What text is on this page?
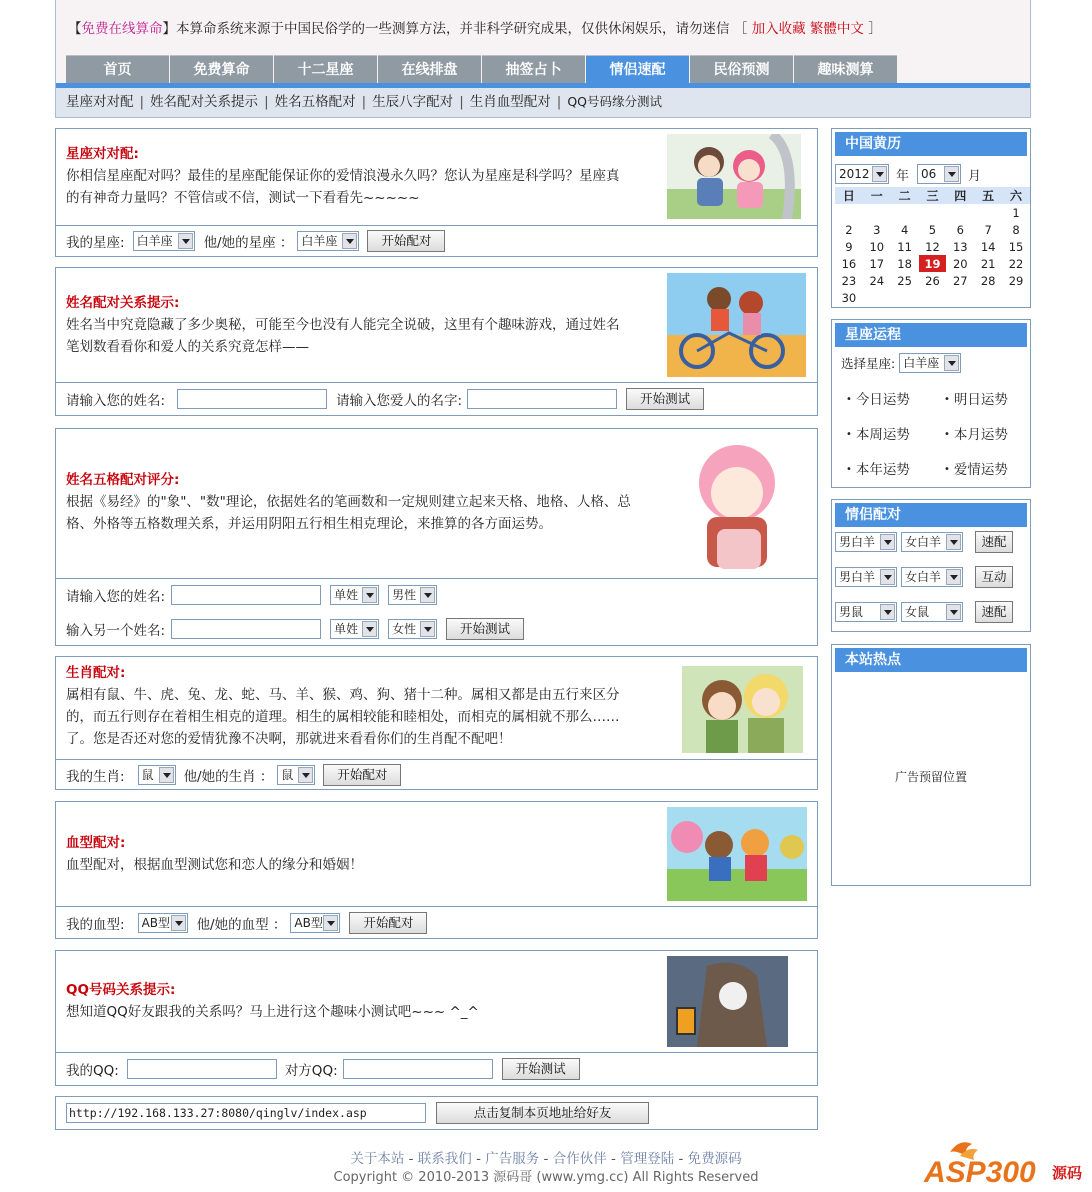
【免费在线算命】本算命系统来源于中国民俗学的一些测算方法，并非科学研究成果，仅供休闲娱乐，请勿迷信 ［ 加入收藏 繁體中文 ］
首页	免费算命	十二星座	在线排盘	抽签占卜	情侣速配	民俗预测	趣味测算
星座对对配 | 姓名配对关系提示 | 姓名五格配对 | 生辰八字配对 | 生肖血型配对 | QQ号码缘分测试
星座对对配:
你相信星座配对吗？最佳的星座配能保证你的爱情浪漫永久吗？您认为星座是科学吗？星座真
的有神奇力量吗？不管信或不信，测试一下看看先~~~~~
我的星座:	白羊座	他/她的星座 ： 白羊座	开始配对
姓名配对关系提示:
姓名当中究竟隐藏了多少奥秘，可能至今也没有人能完全说破，这里有个趣味游戏，通过姓名
笔划数看看你和爱人的关系究竟怎样——
请输入您的姓名:	请输入您爱人的名字:	开始测试
姓名五格配对评分:
根据《易经》的"象"、"数"理论，依据姓名的笔画数和一定规则建立起来天格、地格、人格、总
格、外格等五格数理关系，并运用阴阳五行相生相克理论，来推算的各方面运势。
请输入您的姓名:	单姓	男性
输入另一个姓名:	单姓	女性	开始测试
生肖配对:
属相有鼠、牛、虎、兔、龙、蛇、马、羊、猴、鸡、狗、猪十二种。属相又都是由五行来区分
的，而五行则存在着相生相克的道理。相生的属相较能和睦相处，而相克的属相就不那么……
了。您是否还对您的爱情犹豫不决啊，那就进来看看你们的生肖配不配吧！
我的生肖:	鼠	他/她的生肖 ： 鼠	开始配对
血型配对:
血型配对，根据血型测试您和恋人的缘分和婚姻！
我的血型:	AB型	他/她的血型 ： AB型	开始配对
QQ号码关系提示:
想知道QQ好友跟我的关系吗？马上进行这个趣味小测试吧~~~ ^_^
我的QQ:	对方QQ:	开始测试
http://192.168.133.27:8080/qinglv/index.asp	点击复制本页地址给好友
中国黄历
2012	年	06	月
日	一	二	三	四	五	六
						1
2	3	4	5	6	7	8
9	10	11	12	13	14	15
16	17	18	19	20	21	22
23	24	25	26	27	28	29
30						
星座运程
选择星座: 白羊座
• 今日运势	• 明日运势
• 本周运势	• 本月运势
• 本年运势	• 爱情运势
情侣配对
男白羊	女白羊	速配
男白羊	女白羊	互动
男鼠	女鼠	速配
本站热点
广告预留位置
关于本站 - 联系我们 - 广告服务 - 合作伙伴 - 管理登陆 - 免费源码
Copyright © 2010-2013 源码哥 (www.ymg.cc) All Rights Reserved	ASP300 源码
